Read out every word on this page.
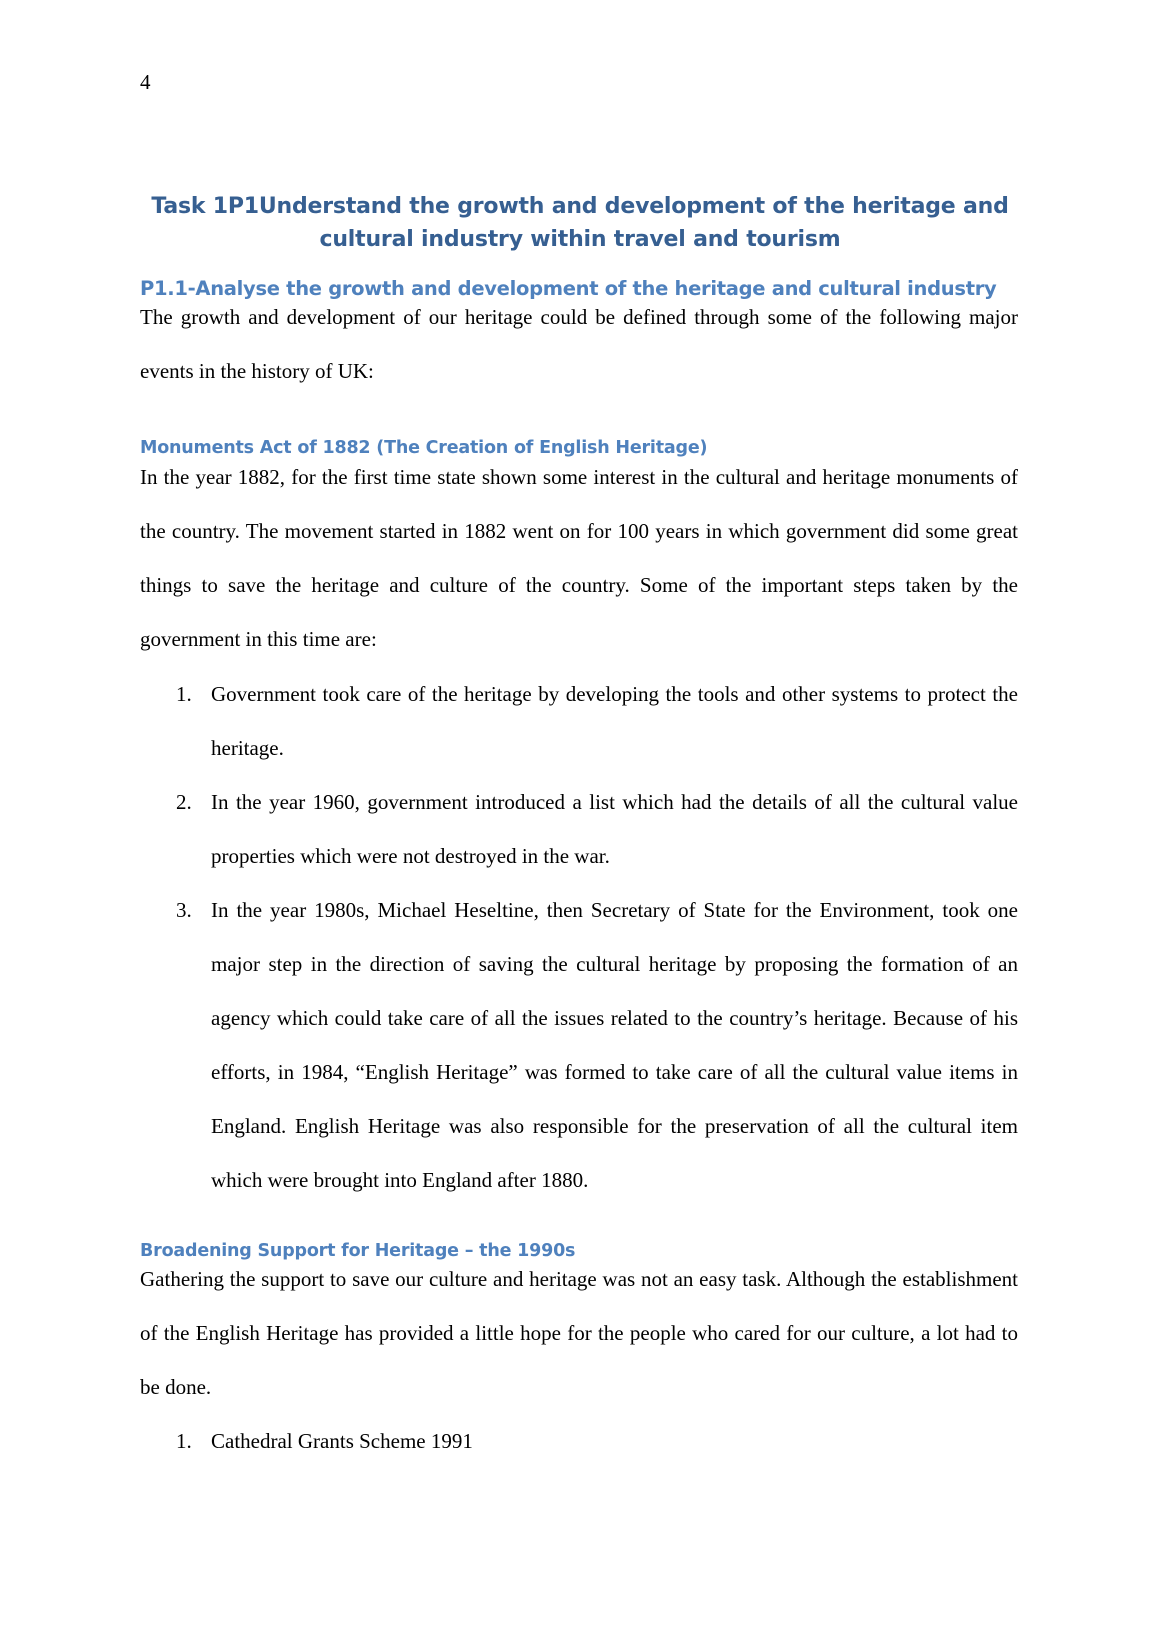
4
Task 1P1Understand the growth and development of the heritage and cultural industry within travel and tourism
P1.1-Analyse the growth and development of the heritage and cultural industry

The growth and development of our heritage could be defined through some of the following major events in the history of UK:

Monuments Act of 1882 (The Creation of English Heritage)

In the year 1882, for the first time state shown some interest in the cultural and heritage monuments of the country. The movement started in 1882 went on for 100 years in which government did some great things to save the heritage and culture of the country. Some of the important steps taken by the government in this time are:

1. Government took care of the heritage by developing the tools and other systems to protect the heritage.
2. In the year 1960, government introduced a list which had the details of all the cultural value properties which were not destroyed in the war.
3. In the year 1980s, Michael Heseltine, then Secretary of State for the Environment, took one major step in the direction of saving the cultural heritage by proposing the formation of an agency which could take care of all the issues related to the country’s heritage. Because of his efforts, in 1984, “English Heritage” was formed to take care of all the cultural value items in England. English Heritage was also responsible for the preservation of all the cultural item which were brought into England after 1880.
Broadening Support for Heritage – the 1990s

Gathering the support to save our culture and heritage was not an easy task. Although the establishment of the English Heritage has provided a little hope for the people who cared for our culture, a lot had to be done.

1. Cathedral Grants Scheme 1991
